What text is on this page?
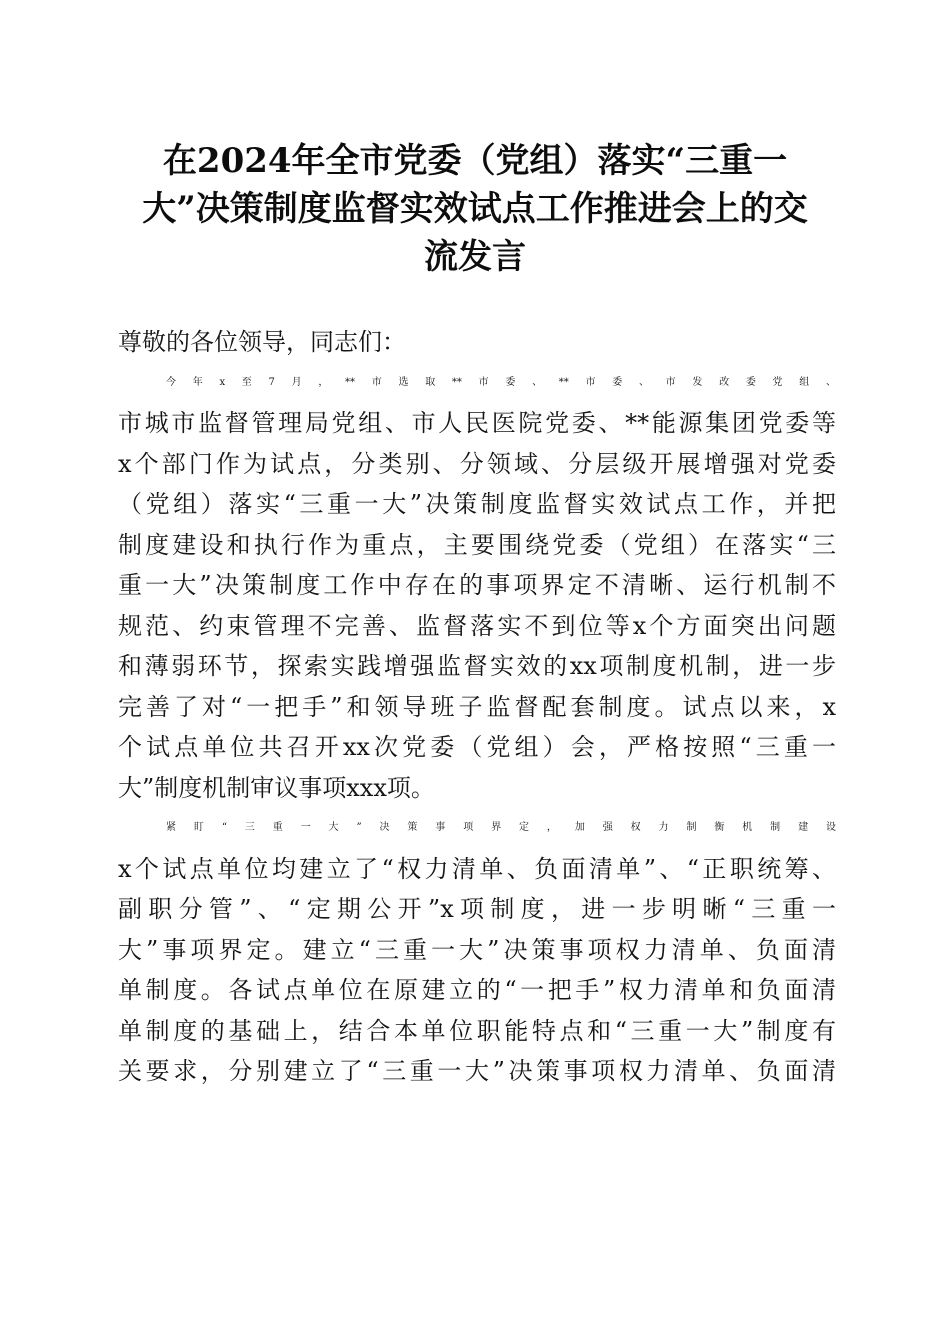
在2024年全市党委（党组）落实“三重一
大”决策制度监督实效试点工作推进会上的交
流发言
尊敬的各位领导，同志们：
今年x至7月，**市选取**市委、**市委、市发改委党组、
市城市监督管理局党组、市人民医院党委、**能源集团党委等
x个部门作为试点，分类别、分领域、分层级开展增强对党委
（党组）落实“三重一大”决策制度监督实效试点工作，并把
制度建设和执行作为重点，主要围绕党委（党组）在落实“三
重一大”决策制度工作中存在的事项界定不清晰、运行机制不
规范、约束管理不完善、监督落实不到位等x个方面突出问题
和薄弱环节，探索实践增强监督实效的xx项制度机制，进一步
完善了对“一把手”和领导班子监督配套制度。试点以来，x
个试点单位共召开xx次党委（党组）会，严格按照“三重一
大”制度机制审议事项xxx项。
紧盯“三重一大”决策事项界定，加强权力制衡机制建设
x个试点单位均建立了“权力清单、负面清单”、“正职统筹、
副职分管”、“定期公开”x项制度，进一步明晰“三重一
大”事项界定。建立“三重一大”决策事项权力清单、负面清
单制度。各试点单位在原建立的“一把手”权力清单和负面清
单制度的基础上，结合本单位职能特点和“三重一大”制度有
关要求，分别建立了“三重一大”决策事项权力清单、负面清
